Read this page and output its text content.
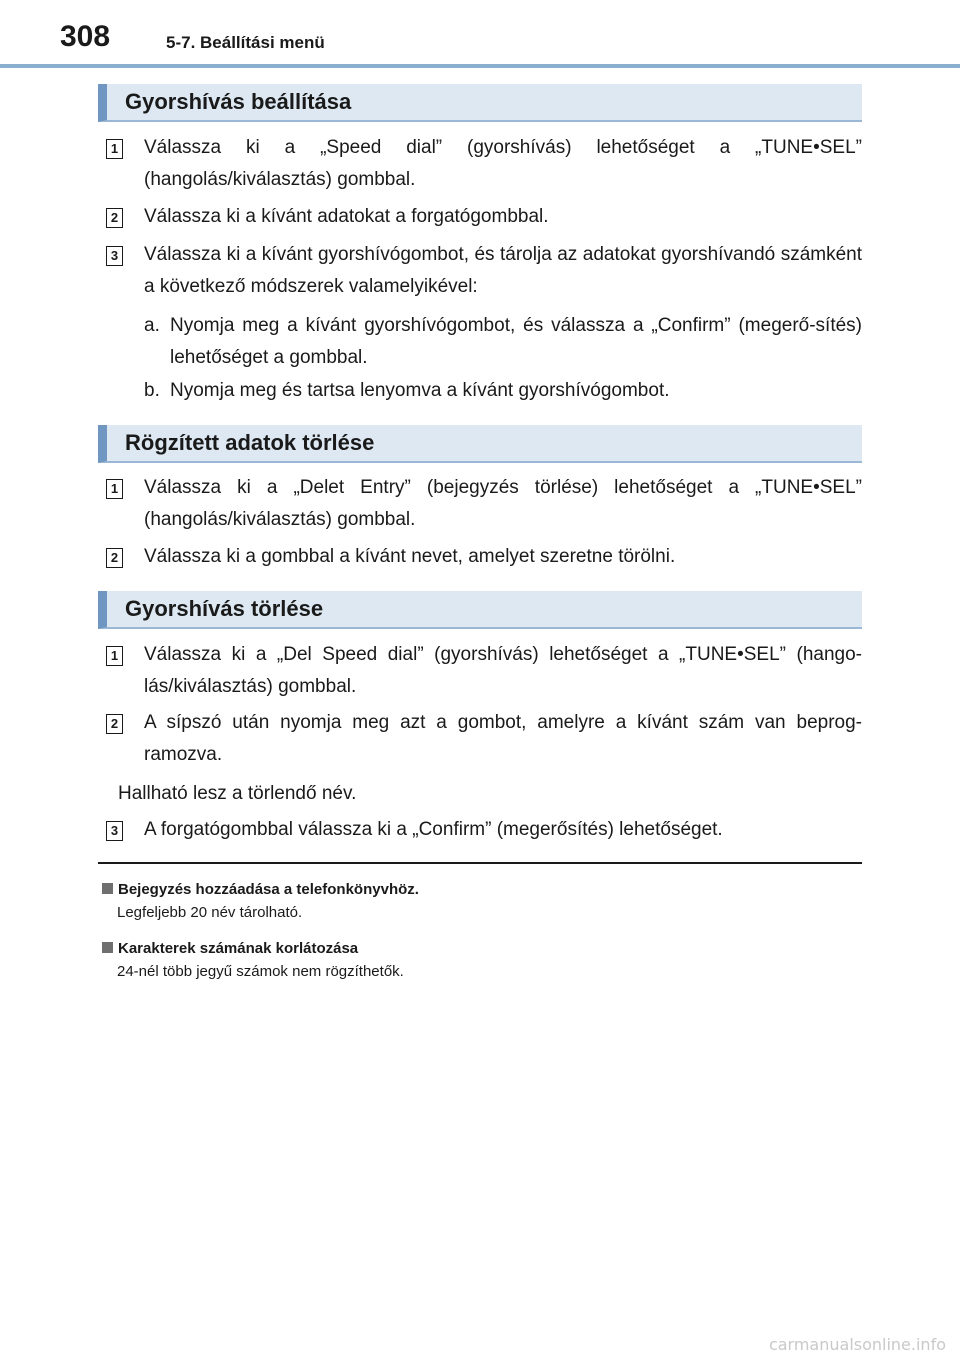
308	5-7. Beállítási menü
Gyorshívás beállítása
1 Válassza ki a „Speed dial” (gyorshívás) lehetőséget a „TUNE•SEL” (hangolás/kiválasztás) gombbal.
2 Válassza ki a kívánt adatokat a forgatógombbal.
3 Válassza ki a kívánt gyorshívógombot, és tárolja az adatokat gyorshívandó számként a következő módszerek valamelyikével:
a. Nyomja meg a kívánt gyorshívógombot, és válassza a „Confirm” (megerő-sítés) lehetőséget a gombbal.
b. Nyomja meg és tartsa lenyomva a kívánt gyorshívógombot.
Rögzített adatok törlése
1 Válassza ki a „Delet Entry” (bejegyzés törlése) lehetőséget a „TUNE•SEL” (hangolás/kiválasztás) gombbal.
2 Válassza ki a gombbal a kívánt nevet, amelyet szeretne törölni.
Gyorshívás törlése
1 Válassza ki a „Del Speed dial” (gyorshívás) lehetőséget a „TUNE•SEL” (hango-lás/kiválasztás) gombbal.
2 A sípszó után nyomja meg azt a gombot, amelyre a kívánt szám van beprog-ramozva.
Hallható lesz a törlendő név.
3 A forgatógombbal válassza ki a „Confirm” (megerősítés) lehetőséget.
Bejegyzés hozzáadása a telefonkönyvhöz.
Legfeljebb 20 név tárolható.
Karakterek számának korlátozása
24-nél több jegyű számok nem rögzíthetők.
carmanualsonline.info
